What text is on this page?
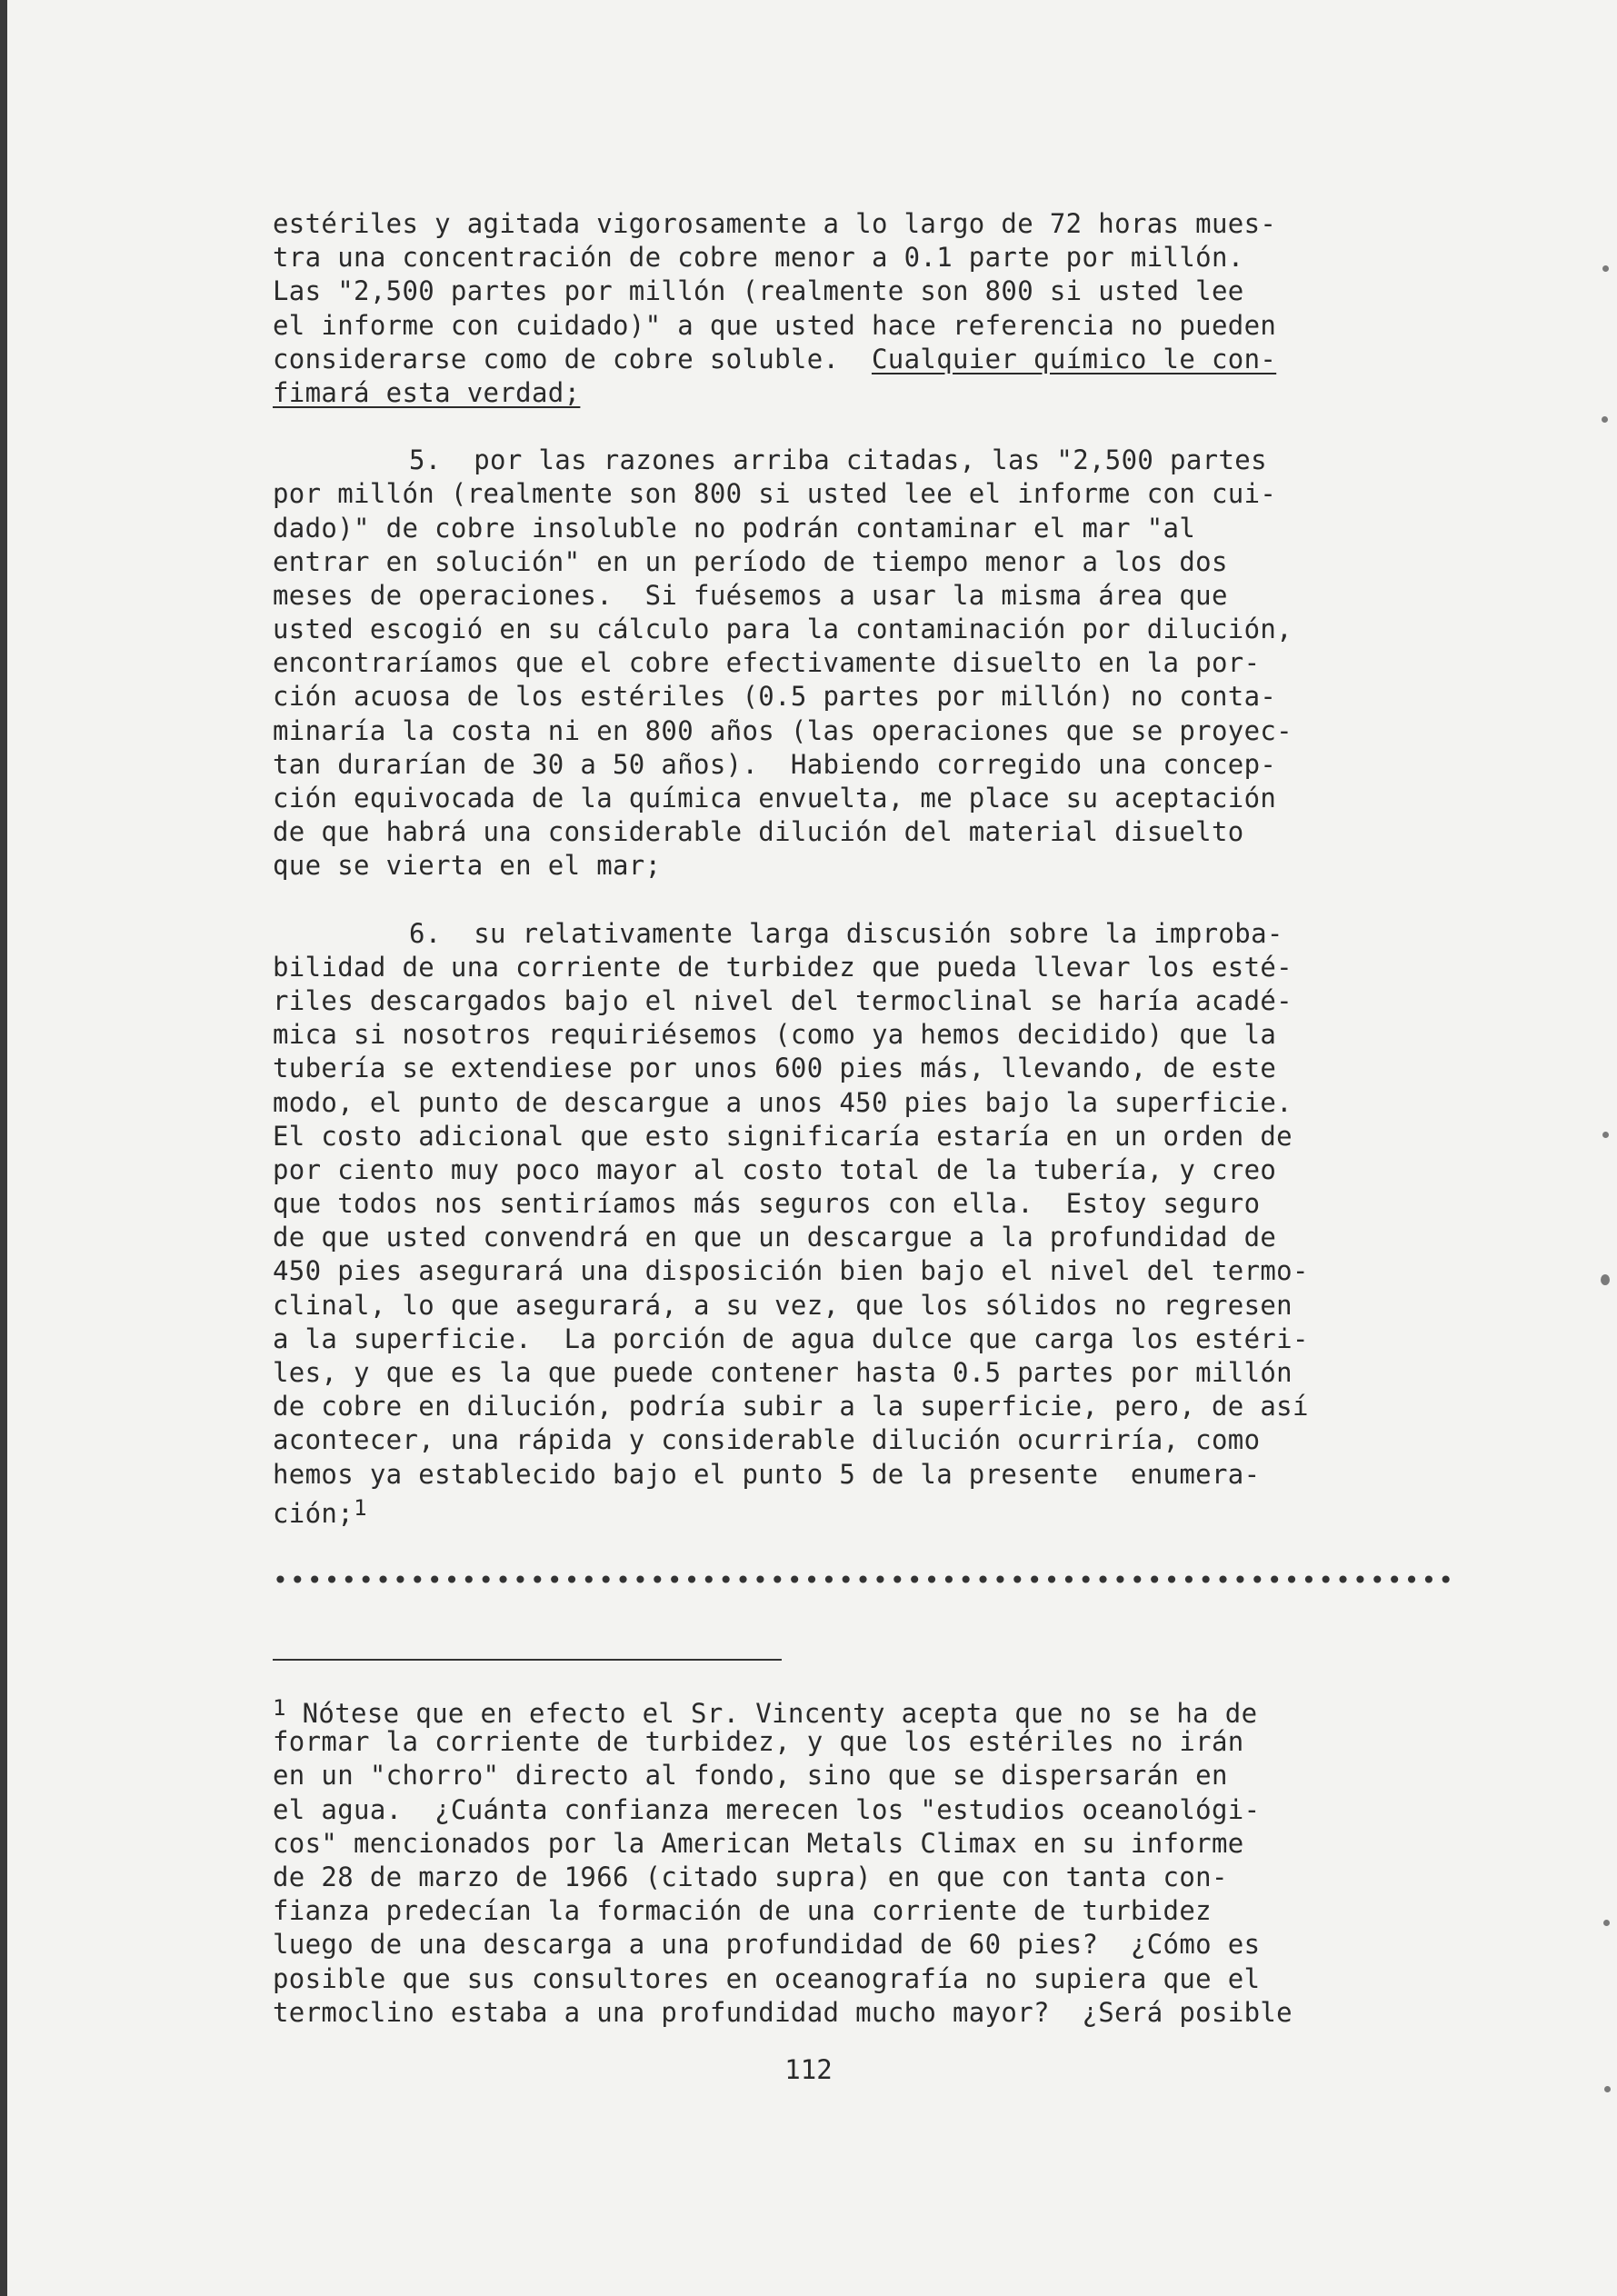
estériles y agitada vigorosamente a lo largo de 72 horas mues-
tra una concentración de cobre menor a 0.1 parte por millón.
Las "2,500 partes por millón (realmente son 800 si usted lee
el informe con cuidado)" a que usted hace referencia no pueden
considerarse como de cobre soluble.  Cualquier químico le con-
fimará esta verdad;
5.  por las razones arriba citadas, las "2,500 partes
por millón (realmente son 800 si usted lee el informe con cui-
dado)" de cobre insoluble no podrán contaminar el mar "al
entrar en solución" en un período de tiempo menor a los dos
meses de operaciones.  Si fuésemos a usar la misma área que
usted escogió en su cálculo para la contaminación por dilución,
encontraríamos que el cobre efectivamente disuelto en la por-
ción acuosa de los estériles (0.5 partes por millón) no conta-
minaría la costa ni en 800 años (las operaciones que se proyec-
tan durarían de 30 a 50 años).  Habiendo corregido una concep-
ción equivocada de la química envuelta, me place su aceptación
de que habrá una considerable dilución del material disuelto
que se vierta en el mar;
6.  su relativamente larga discusión sobre la improba-
bilidad de una corriente de turbidez que pueda llevar los esté-
riles descargados bajo el nivel del termoclinal se haría acadé-
mica si nosotros requiriésemos (como ya hemos decidido) que la
tubería se extendiese por unos 600 pies más, llevando, de este
modo, el punto de descargue a unos 450 pies bajo la superficie.
El costo adicional que esto significaría estaría en un orden de
por ciento muy poco mayor al costo total de la tubería, y creo
que todos nos sentiríamos más seguros con ella.  Estoy seguro
de que usted convendrá en que un descargue a la profundidad de
450 pies asegurará una disposición bien bajo el nivel del termo-
clinal, lo que asegurará, a su vez, que los sólidos no regresen
a la superficie.  La porción de agua dulce que carga los estéri-
les, y que es la que puede contener hasta 0.5 partes por millón
de cobre en dilución, podría subir a la superficie, pero, de así
acontecer, una rápida y considerable dilución ocurriría, como
hemos ya establecido bajo el punto 5 de la presente  enumera-
ción;$^1$
•••••••••••••••••••••••••••••••••••••••••••••••••••••••••••••••••••••
$^1$ Nótese que en efecto el Sr. Vincenty acepta que no se ha de
formar la corriente de turbidez, y que los estériles no irán
en un "chorro" directo al fondo, sino que se dispersarán en
el agua.  ¿Cuánta confianza merecen los "estudios oceanológi-
cos" mencionados por la American Metals Climax en su informe
de 28 de marzo de 1966 (citado supra) en que con tanta con-
fianza predecían la formación de una corriente de turbidez
luego de una descarga a una profundidad de 60 pies?  ¿Cómo es
posible que sus consultores en oceanografía no supiera que el
termoclino estaba a una profundidad mucho mayor?  ¿Será posible
112
